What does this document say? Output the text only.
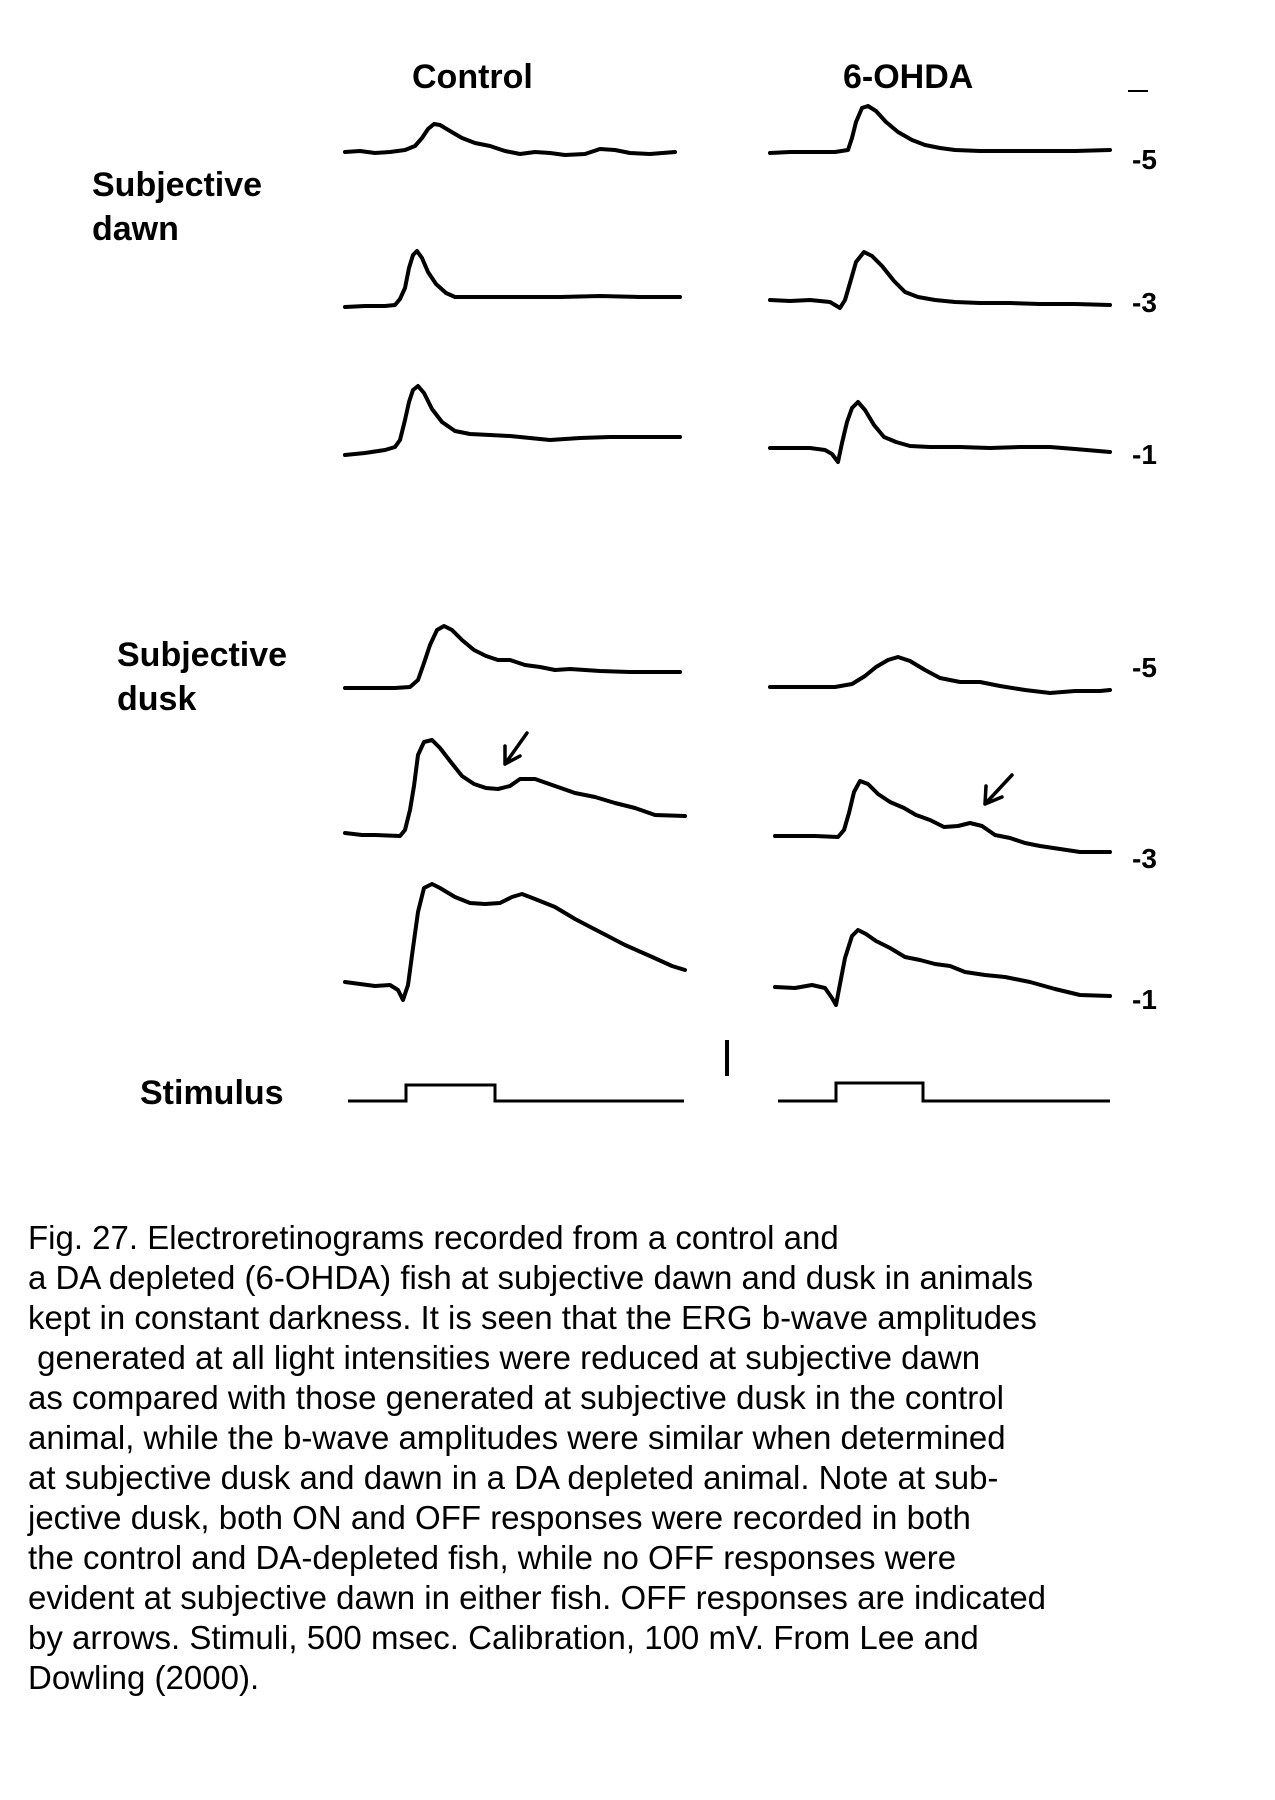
Control	6-OHDA
Subjective
dawn
Subjective
dusk
Stimulus
-5
-3
-1
-5
-3
-1
Fig. 27. Electroretinograms recorded from a control and
a DA depleted (6-OHDA) fish at subjective dawn and dusk in animals
kept in constant darkness. It is seen that the ERG b-wave amplitudes
generated at all light intensities were reduced at subjective dawn
as compared with those generated at subjective dusk in the control
animal, while the b-wave amplitudes were similar when determined
at subjective dusk and dawn in a DA depleted animal. Note at sub-
jective dusk, both ON and OFF responses were recorded in both
the control and DA-depleted fish, while no OFF responses were
evident at subjective dawn in either fish. OFF responses are indicated
by arrows. Stimuli, 500 msec. Calibration, 100 mV. From Lee and
Dowling (2000).
